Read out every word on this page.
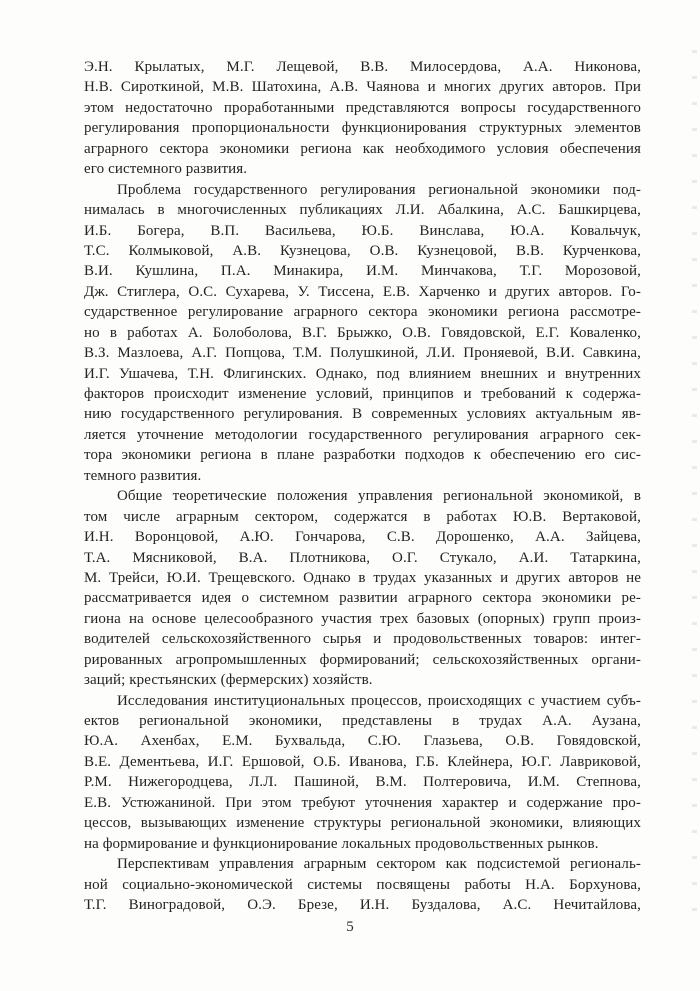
Э.Н. Крылатых, М.Г. Лещевой, В.В. Милосердова, А.А. Никонова,
Н.В. Сироткиной, М.В. Шатохина, А.В. Чаянова и многих других авторов. При
этом недостаточно проработанными представляются вопросы государственного
регулирования пропорциональности функционирования структурных элементов
аграрного сектора экономики региона как необходимого условия обеспечения
его системного развития.
Проблема государственного регулирования региональной экономики под-
нималась в многочисленных публикациях Л.И. Абалкина, А.С. Башкирцева,
И.Б. Богера, В.П. Васильева, Ю.Б. Винслава, Ю.А. Ковальчук,
Т.С. Колмыковой, А.В. Кузнецова, О.В. Кузнецовой, В.В. Курченкова,
В.И. Кушлина, П.А. Минакира, И.М. Минчакова, Т.Г. Морозовой,
Дж. Стиглера, О.С. Сухарева, У. Тиссена, Е.В. Харченко и других авторов. Го-
сударственное регулирование аграрного сектора экономики региона рассмотре-
но в работах А. Болоболова, В.Г. Брыжко, О.В. Говядовской, Е.Г. Коваленко,
В.З. Мазлоева, А.Г. Попцова, Т.М. Полушкиной, Л.И. Проняевой, В.И. Савкина,
И.Г. Ушачева, Т.Н. Флигинских. Однако, под влиянием внешних и внутренних
факторов происходит изменение условий, принципов и требований к содержа-
нию государственного регулирования. В современных условиях актуальным яв-
ляется уточнение методологии государственного регулирования аграрного сек-
тора экономики региона в плане разработки подходов к обеспечению его сис-
темного развития.
Общие теоретические положения управления региональной экономикой, в
том числе аграрным сектором, содержатся в работах Ю.В. Вертаковой,
И.Н. Воронцовой, А.Ю. Гончарова, С.В. Дорошенко, А.А. Зайцева,
Т.А. Мясниковой, В.А. Плотникова, О.Г. Стукало, А.И. Татаркина,
М. Трейси, Ю.И. Трещевского. Однако в трудах указанных и других авторов не
рассматривается идея о системном развитии аграрного сектора экономики ре-
гиона на основе целесообразного участия трех базовых (опорных) групп произ-
водителей сельскохозяйственного сырья и продовольственных товаров: интег-
рированных агропромышленных формирований; сельскохозяйственных органи-
заций; крестьянских (фермерских) хозяйств.
Исследования институциональных процессов, происходящих с участием субъ-
ектов региональной экономики, представлены в трудах А.А. Аузана,
Ю.А. Ахенбах, Е.М. Бухвальда, С.Ю. Глазьева, О.В. Говядовской,
В.Е. Дементьева, И.Г. Ершовой, О.Б. Иванова, Г.Б. Клейнера, Ю.Г. Лавриковой,
Р.М. Нижегородцева, Л.Л. Пашиной, В.М. Полтеровича, И.М. Степнова,
Е.В. Устюжаниной. При этом требуют уточнения характер и содержание про-
цессов, вызывающих изменение структуры региональной экономики, влияющих
на формирование и функционирование локальных продовольственных рынков.
Перспективам управления аграрным сектором как подсистемой региональ-
ной социально-экономической системы посвящены работы Н.А. Борхунова,
Т.Г. Виноградовой, О.Э. Брезе, И.Н. Буздалова, А.С. Нечитайлова,
5
